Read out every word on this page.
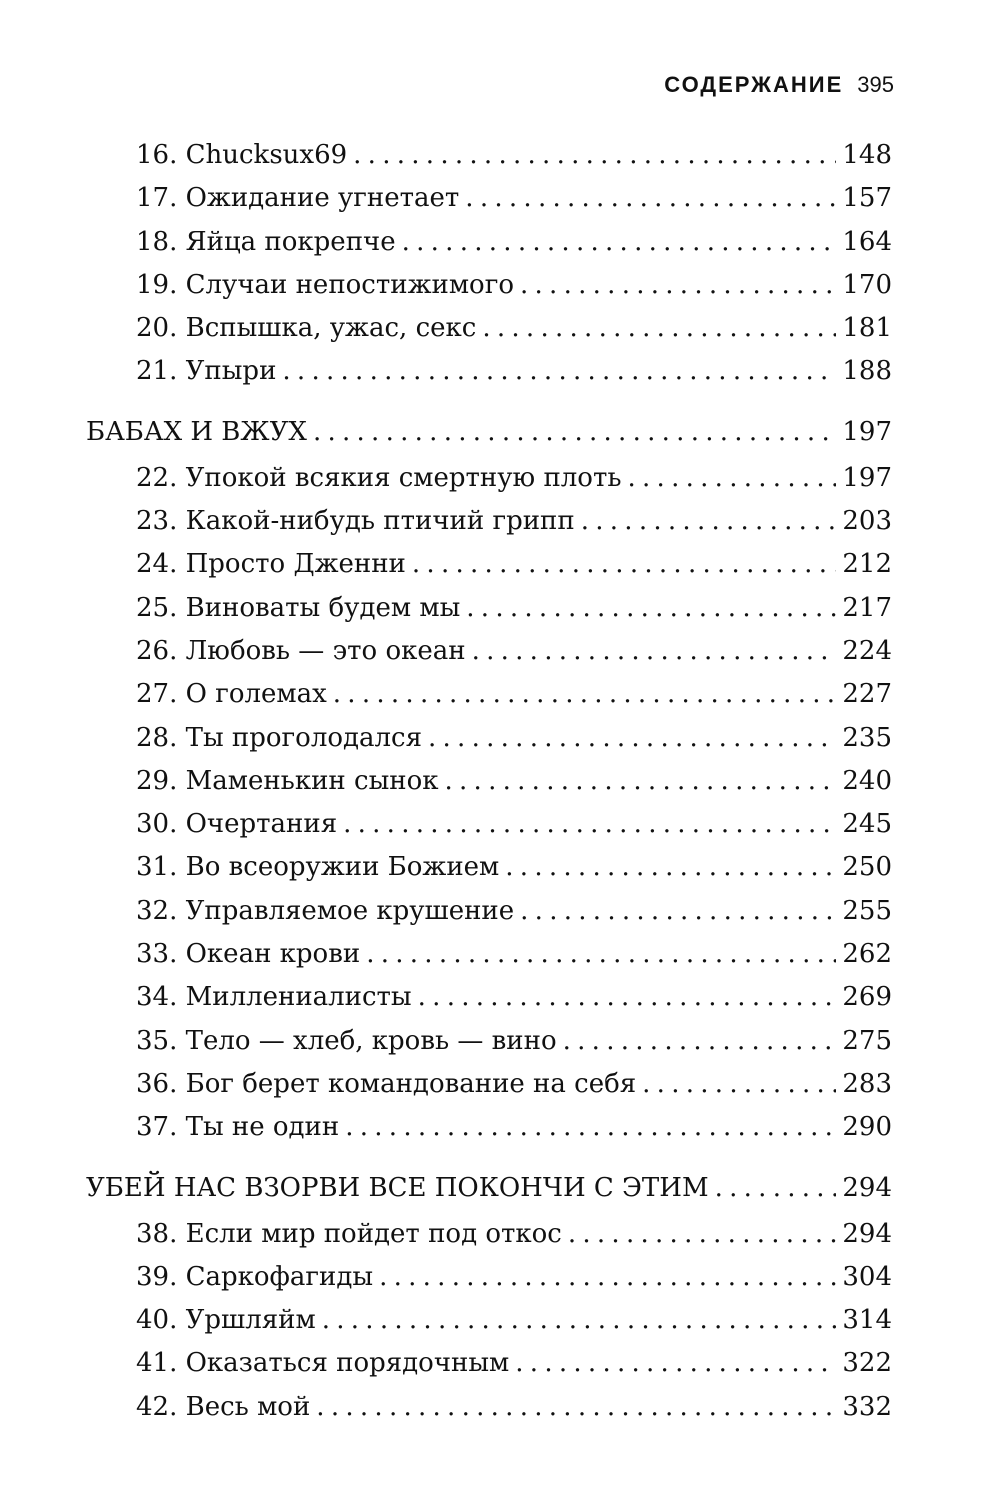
СОДЕРЖАНИЕ 395
16. Chucksux69 . . .	148
17. Ожидание угнетает . . .	157
18. Яйца покрепче . . .	164
19. Случаи непостижимого . . .	170
20. Вспышка, ужас, секс . . .	181
21. Упыри . . .	188
БАБАХ И ВЖУХ . . .	197
22. Упокой всякия смертную плоть . . .	197
23. Какой-нибудь птичий грипп . . .	203
24. Просто Дженни . . .	212
25. Виноваты будем мы . . .	217
26. Любовь — это океан . . .	224
27. О големах . . .	227
28. Ты проголодался . . .	235
29. Маменькин сынок . . .	240
30. Очертания . . .	245
31. Во всеоружии Божием . . .	250
32. Управляемое крушение . . .	255
33. Океан крови . . .	262
34. Миллениалисты . . .	269
35. Тело — хлеб, кровь — вино . . .	275
36. Бог берет командование на себя . . .	283
37. Ты не один . . .	290
УБЕЙ НАС ВЗОРВИ ВСЕ ПОКОНЧИ С ЭТИМ . . .	294
38. Если мир пойдет под откос . . .	294
39. Саркофагиды . . .	304
40. Уршляйм . . .	314
41. Оказаться порядочным . . .	322
42. Весь мой . . .	332
